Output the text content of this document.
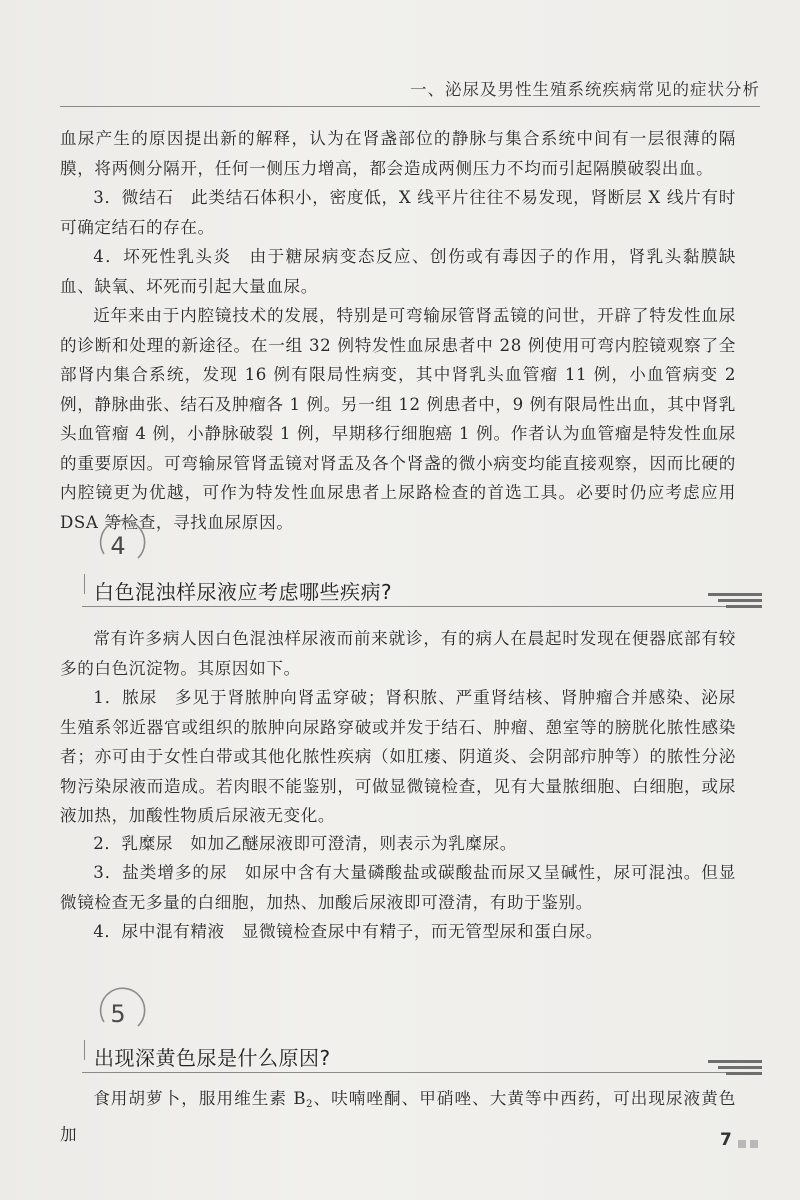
一、泌尿及男性生殖系统疾病常见的症状分析

血尿产生的原因提出新的解释，认为在肾盏部位的静脉与集合系统中间有一层很薄的隔膜，将两侧分隔开，任何一侧压力增高，都会造成两侧压力不均而引起隔膜破裂出血。

3．微结石　此类结石体积小，密度低，X 线平片往往不易发现，肾断层 X 线片有时可确定结石的存在。

4．坏死性乳头炎　由于糖尿病变态反应、创伤或有毒因子的作用，肾乳头黏膜缺血、缺氧、坏死而引起大量血尿。

近年来由于内腔镜技术的发展，特别是可弯输尿管肾盂镜的问世，开辟了特发性血尿的诊断和处理的新途径。在一组 32 例特发性血尿患者中 28 例使用可弯内腔镜观察了全部肾内集合系统，发现 16 例有限局性病变，其中肾乳头血管瘤 11 例，小血管病变 2 例，静脉曲张、结石及肿瘤各 1 例。另一组 12 例患者中，9 例有限局性出血，其中肾乳头血管瘤 4 例，小静脉破裂 1 例，早期移行细胞癌 1 例。作者认为血管瘤是特发性血尿的重要原因。可弯输尿管肾盂镜对肾盂及各个肾盏的微小病变均能直接观察，因而比硬的内腔镜更为优越，可作为特发性血尿患者上尿路检查的首选工具。必要时仍应考虑应用 DSA 等检查，寻找血尿原因。

4
白色混浊样尿液应考虑哪些疾病?

常有许多病人因白色混浊样尿液而前来就诊，有的病人在晨起时发现在便器底部有较多的白色沉淀物。其原因如下。

1．脓尿　多见于肾脓肿向肾盂穿破；肾积脓、严重肾结核、肾肿瘤合并感染、泌尿生殖系邻近器官或组织的脓肿向尿路穿破或并发于结石、肿瘤、憩室等的膀胱化脓性感染者；亦可由于女性白带或其他化脓性疾病（如肛瘘、阴道炎、会阴部疖肿等）的脓性分泌物污染尿液而造成。若肉眼不能鉴别，可做显微镜检查，见有大量脓细胞、白细胞，或尿液加热，加酸性物质后尿液无变化。

2．乳糜尿　如加乙醚尿液即可澄清，则表示为乳糜尿。

3．盐类增多的尿　如尿中含有大量磷酸盐或碳酸盐而尿又呈碱性，尿可混浊。但显微镜检查无多量的白细胞，加热、加酸后尿液即可澄清，有助于鉴别。

4．尿中混有精液　显微镜检查尿中有精子，而无管型尿和蛋白尿。

5
出现深黄色尿是什么原因?

食用胡萝卜，服用维生素 B2、呋喃唑酮、甲硝唑、大黄等中西药，可出现尿液黄色加	7
